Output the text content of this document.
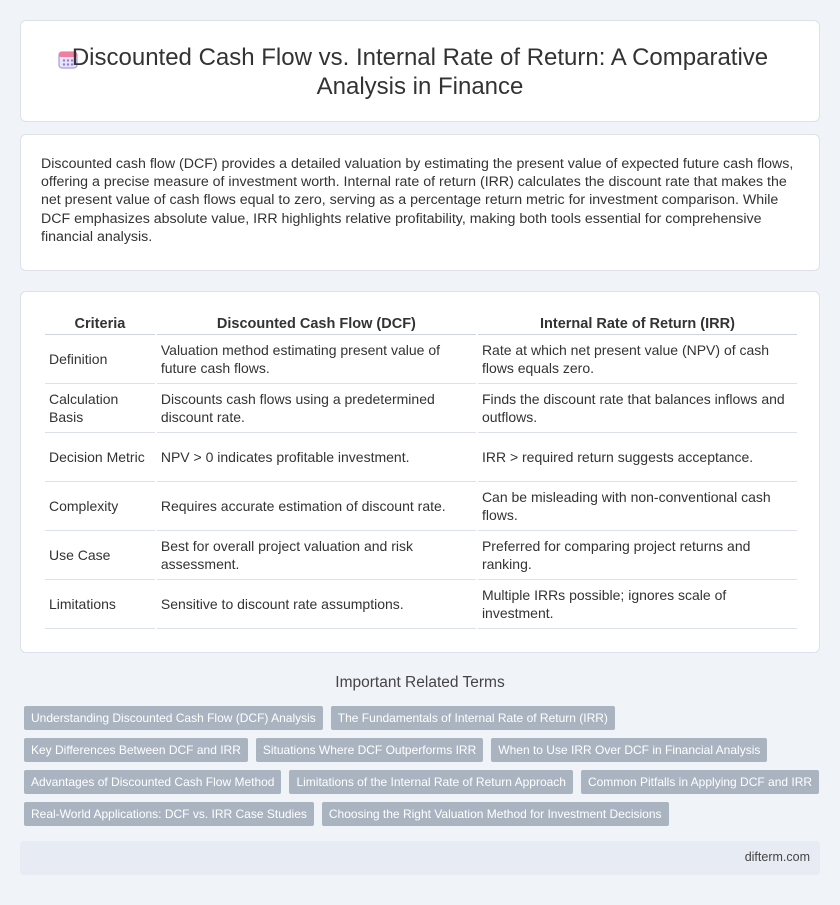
Discounted Cash Flow vs. Internal Rate of Return: A Comparative Analysis in Finance

Discounted cash flow (DCF) provides a detailed valuation by estimating the present value of expected future cash flows, offering a precise measure of investment worth. Internal rate of return (IRR) calculates the discount rate that makes the net present value of cash flows equal to zero, serving as a percentage return metric for investment comparison. While DCF emphasizes absolute value, IRR highlights relative profitability, making both tools essential for comprehensive financial analysis.

Criteria	Discounted Cash Flow (DCF)	Internal Rate of Return (IRR)
Definition	Valuation method estimating present value of future cash flows.	Rate at which net present value (NPV) of cash flows equals zero.
Calculation Basis	Discounts cash flows using a predetermined discount rate.	Finds the discount rate that balances inflows and outflows.
Decision Metric	NPV > 0 indicates profitable investment.	IRR > required return suggests acceptance.
Complexity	Requires accurate estimation of discount rate.	Can be misleading with non-conventional cash flows.
Use Case	Best for overall project valuation and risk assessment.	Preferred for comparing project returns and ranking.
Limitations	Sensitive to discount rate assumptions.	Multiple IRRs possible; ignores scale of investment.
Important Related Terms
Understanding Discounted Cash Flow (DCF) Analysis	The Fundamentals of Internal Rate of Return (IRR)
Key Differences Between DCF and IRR	Situations Where DCF Outperforms IRR	When to Use IRR Over DCF in Financial Analysis
Advantages of Discounted Cash Flow Method	Limitations of the Internal Rate of Return Approach	Common Pitfalls in Applying DCF and IRR
Real-World Applications: DCF vs. IRR Case Studies	Choosing the Right Valuation Method for Investment Decisions
difterm.com
